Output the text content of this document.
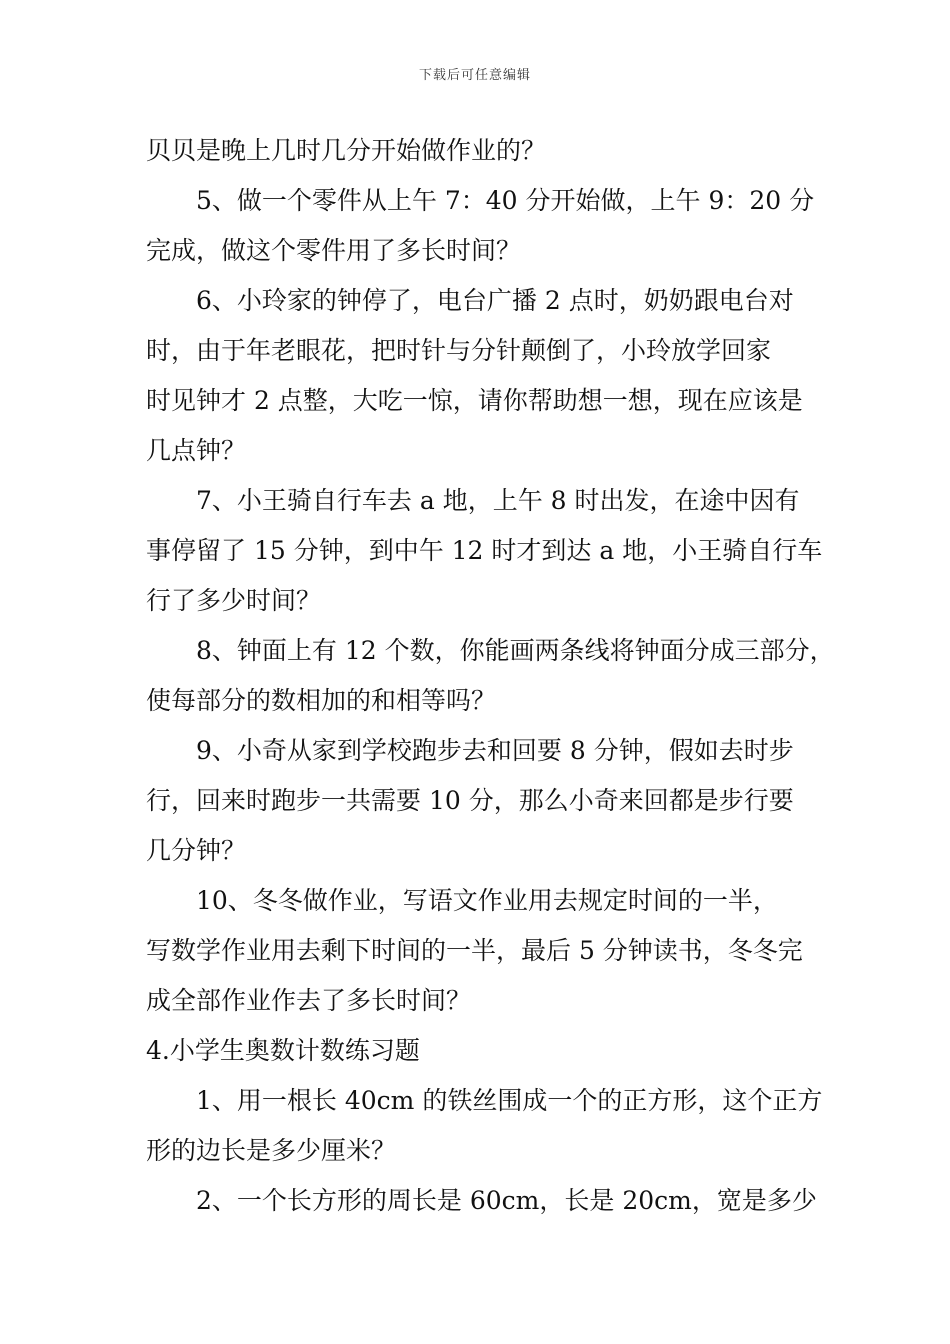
下载后可任意编辑
贝贝是晚上几时几分开始做作业的？
5、做一个零件从上午 7：40 分开始做，上午 9：20 分
完成，做这个零件用了多长时间？
6、小玲家的钟停了，电台广播 2 点时，奶奶跟电台对
时，由于年老眼花，把时针与分针颠倒了，小玲放学回家
时见钟才 2 点整，大吃一惊，请你帮助想一想，现在应该是
几点钟？
7、小王骑自行车去 a 地，上午 8 时出发，在途中因有
事停留了 15 分钟，到中午 12 时才到达 a 地，小王骑自行车
行了多少时间？
8、钟面上有 12 个数，你能画两条线将钟面分成三部分，
使每部分的数相加的和相等吗？
9、小奇从家到学校跑步去和回要 8 分钟，假如去时步
行，回来时跑步一共需要 10 分，那么小奇来回都是步行要
几分钟？
10、冬冬做作业，写语文作业用去规定时间的一半，
写数学作业用去剩下时间的一半，最后 5 分钟读书，冬冬完
成全部作业作去了多长时间？
4.小学生奥数计数练习题
1、用一根长 40cm 的铁丝围成一个的正方形，这个正方
形的边长是多少厘米？
2、一个长方形的周长是 60cm，长是 20cm，宽是多少
